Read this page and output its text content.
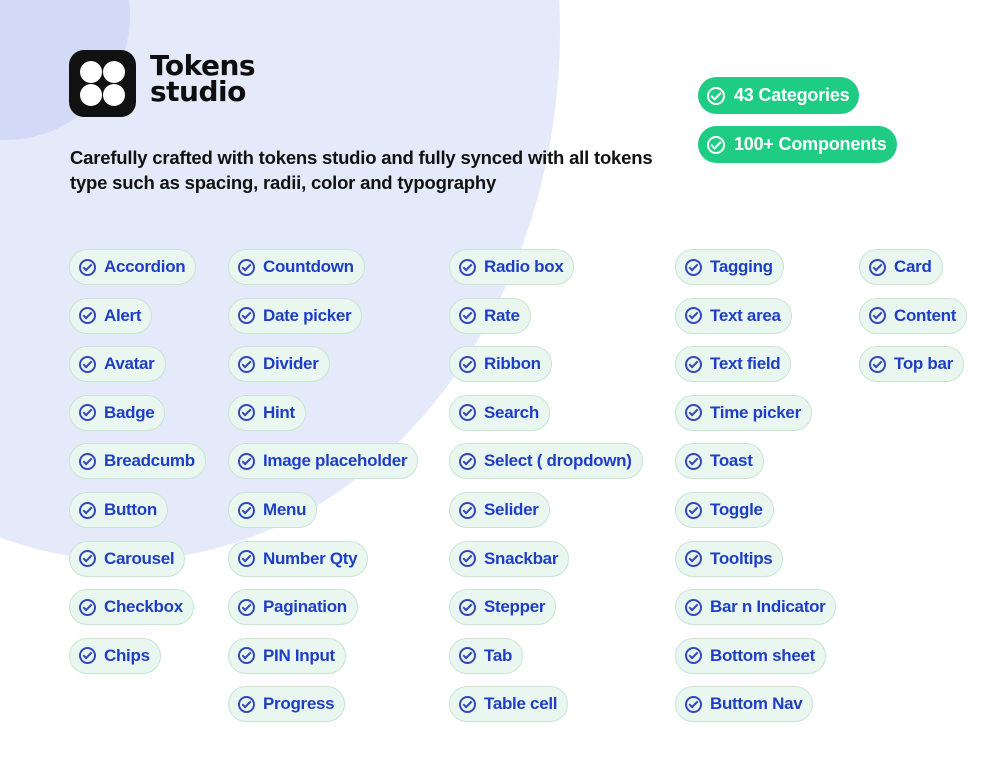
Tokens
studio

Carefully crafted with tokens studio and fully synced with all tokens type such as spacing, radii, color and typography

43 Categories
100+ Components
Accordion
Alert
Avatar
Badge
Breadcumb
Button
Carousel
Checkbox
Chips
Countdown
Date picker
Divider
Hint
Image placeholder
Menu
Number Qty
Pagination
PIN Input
Progress
Radio box
Rate
Ribbon
Search
Select ( dropdown)
Selider
Snackbar
Stepper
Tab
Table cell
Tagging
Text area
Text field
Time picker
Toast
Toggle
Tooltips
Bar n Indicator
Bottom sheet
Buttom Nav
Card
Content
Top bar
